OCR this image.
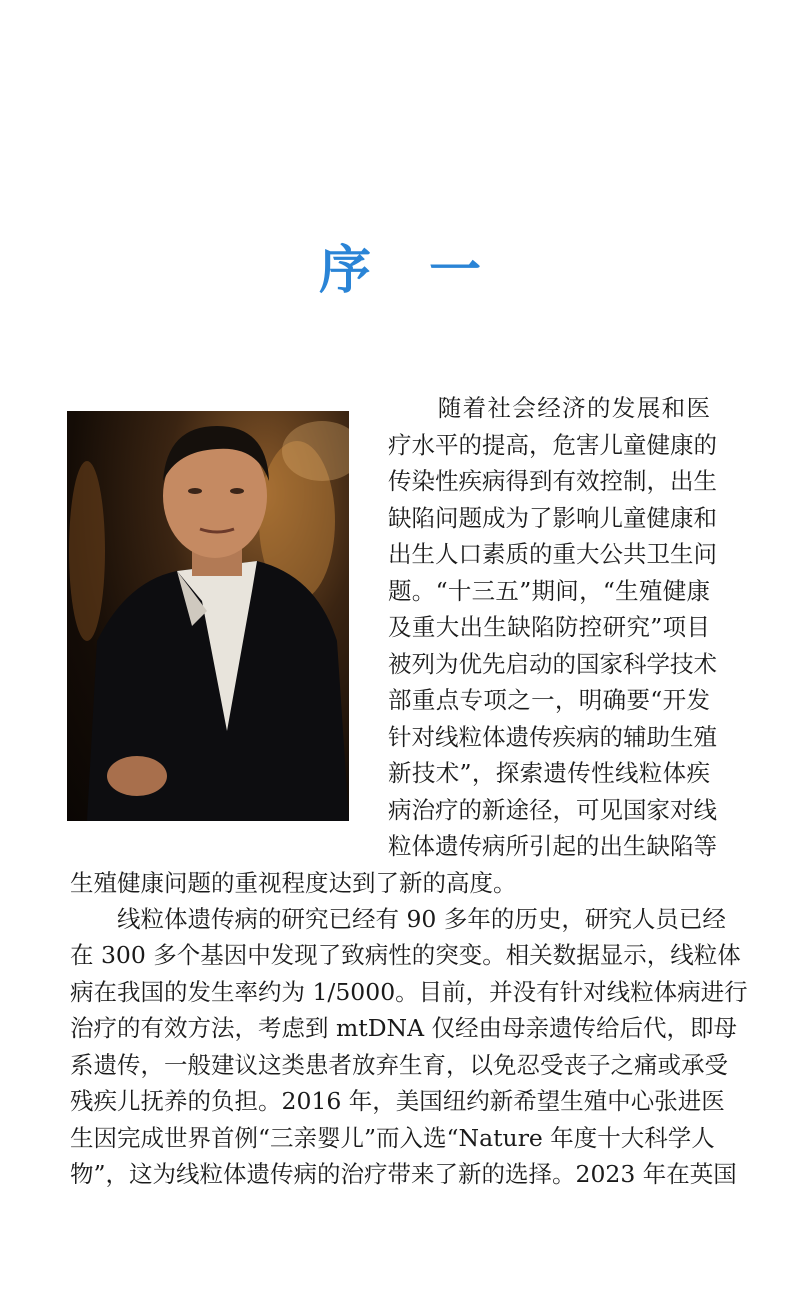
序 一
　　随着社会经济的发展和医
疗水平的提高，危害儿童健康的
传染性疾病得到有效控制，出生
缺陷问题成为了影响儿童健康和
出生人口素质的重大公共卫生问
题。“十三五”期间，“生殖健康
及重大出生缺陷防控研究”项目
被列为优先启动的国家科学技术
部重点专项之一，明确要“开发
针对线粒体遗传疾病的辅助生殖
新技术”，探索遗传性线粒体疾
病治疗的新途径，可见国家对线
粒体遗传病所引起的出生缺陷等
生殖健康问题的重视程度达到了新的高度。
　　线粒体遗传病的研究已经有 90 多年的历史，研究人员已经
在 300 多个基因中发现了致病性的突变。相关数据显示，线粒体
病在我国的发生率约为 1/5000。目前，并没有针对线粒体病进行
治疗的有效方法，考虑到 mtDNA 仅经由母亲遗传给后代，即母
系遗传，一般建议这类患者放弃生育，以免忍受丧子之痛或承受
残疾儿抚养的负担。2016 年，美国纽约新希望生殖中心张进医
生因完成世界首例“三亲婴儿”而入选“Nature 年度十大科学人
物”，这为线粒体遗传病的治疗带来了新的选择。2023 年在英国
